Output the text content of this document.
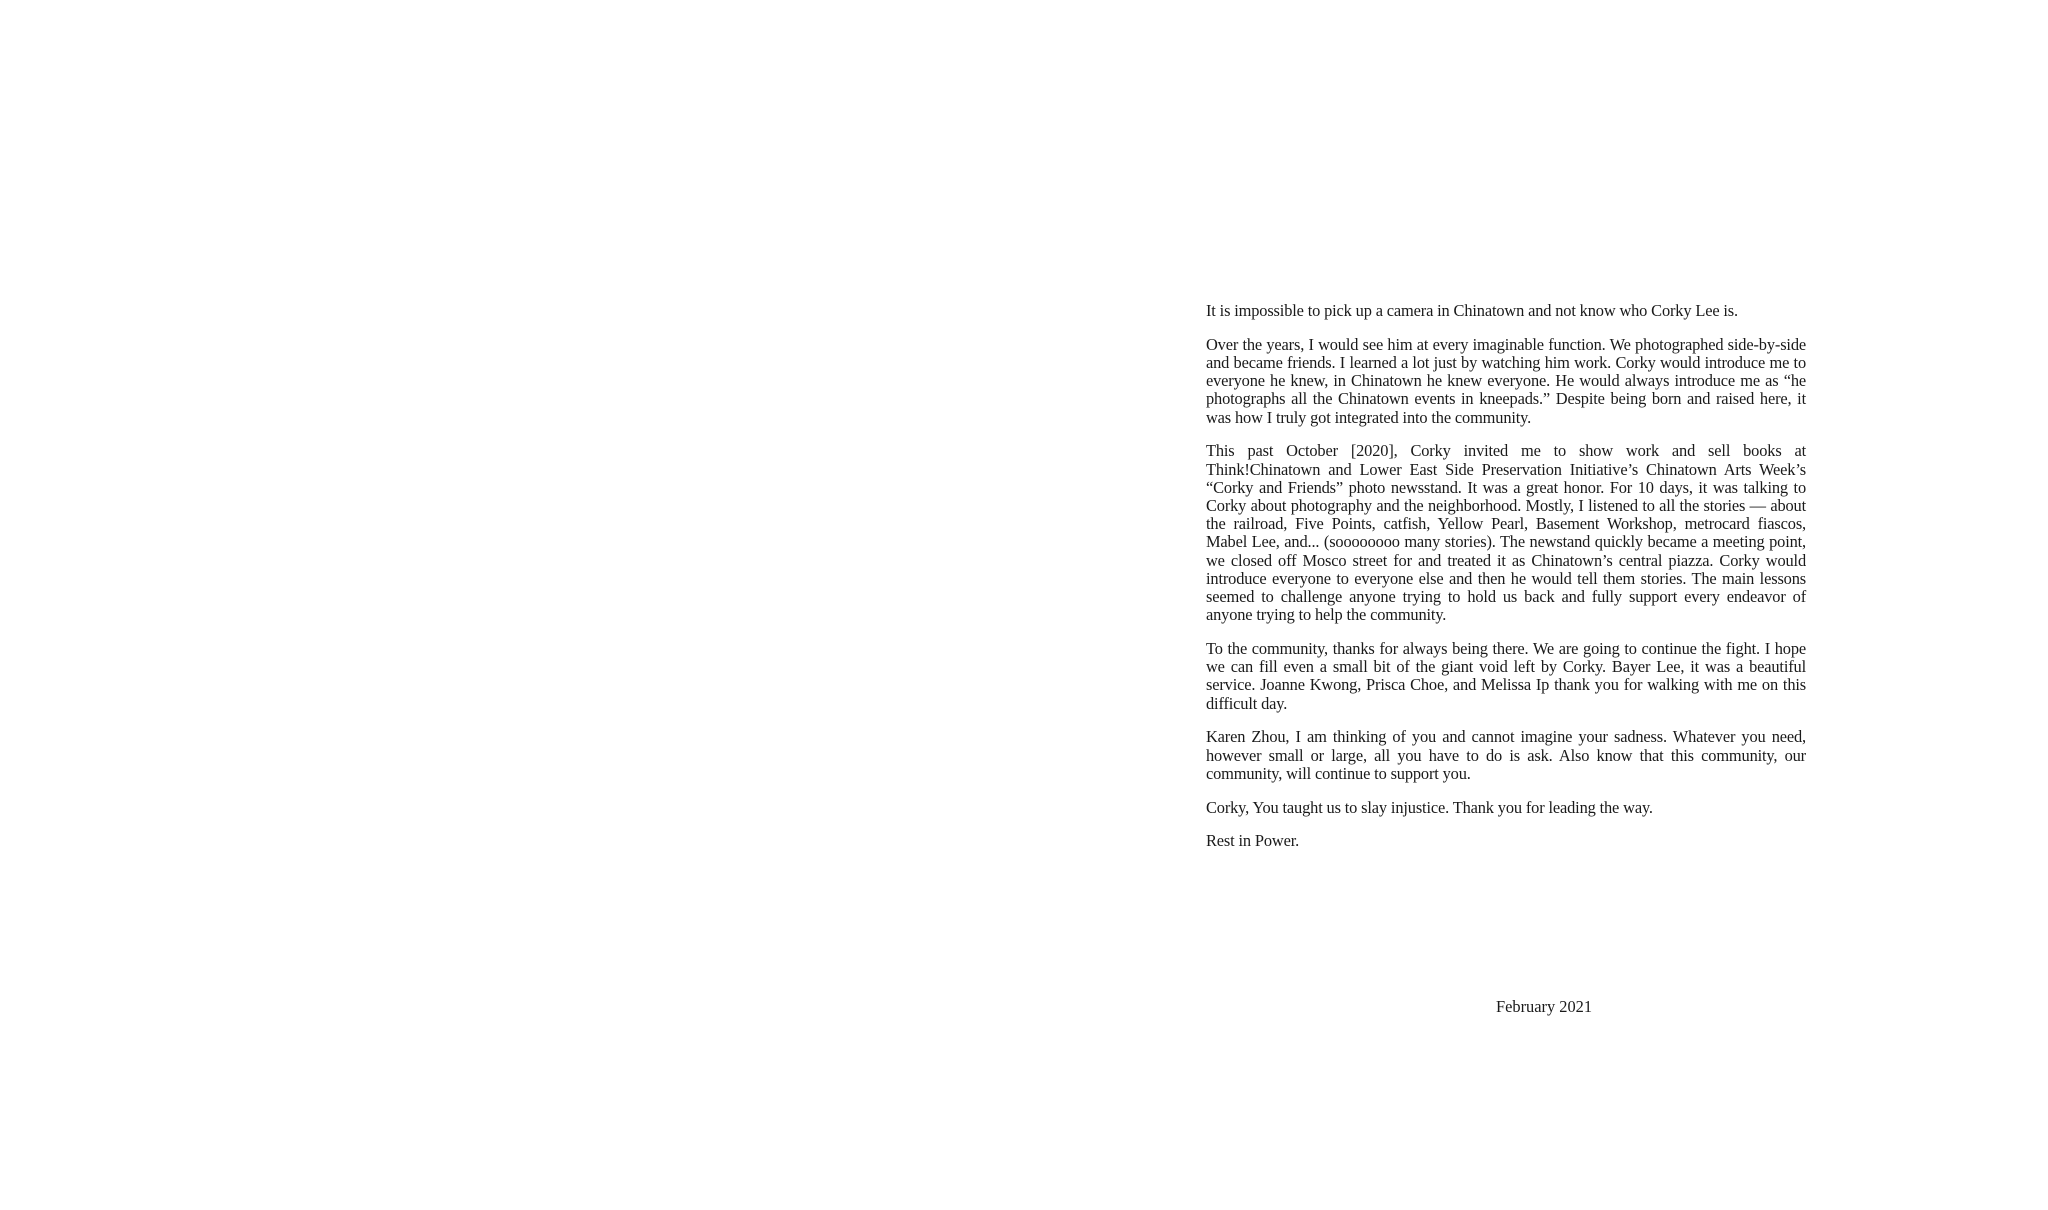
It is impossible to pick up a camera in Chinatown and not know who Corky Lee is.

Over the years, I would see him at every imaginable function. We photographed side-by-side and became friends. I learned a lot just by watching him work. Corky would introduce me to everyone he knew, in Chinatown he knew everyone. He would always introduce me as “he photographs all the Chinatown events in kneepads.” Despite being born and raised here, it was how I truly got integrated into the community.

This past October [2020], Corky invited me to show work and sell books at Think!Chinatown and Lower East Side Preservation Initiative’s Chinatown Arts Week’s “Corky and Friends” photo newsstand. It was a great honor. For 10 days, it was talking to Corky about photography and the neighborhood. Mostly, I listened to all the stories — about the railroad, Five Points, catfish, Yellow Pearl, Basement Workshop, metrocard fiascos, Mabel Lee, and... (soooooooo many stories). The newstand quickly became a meeting point, we closed off Mosco street for and treated it as Chinatown’s central piazza. Corky would introduce everyone to everyone else and then he would tell them stories. The main lessons seemed to challenge anyone trying to hold us back and fully support every endeavor of anyone trying to help the community.

To the community, thanks for always being there. We are going to continue the fight. I hope we can fill even a small bit of the giant void left by Corky. Bayer Lee, it was a beautiful service. Joanne Kwong, Prisca Choe, and Melissa Ip thank you for walking with me on this difficult day.

Karen Zhou, I am thinking of you and cannot imagine your sadness. Whatever you need, however small or large, all you have to do is ask. Also know that this community, our community, will continue to support you.

Corky, You taught us to slay injustice. Thank you for leading the way.

Rest in Power.

February 2021
